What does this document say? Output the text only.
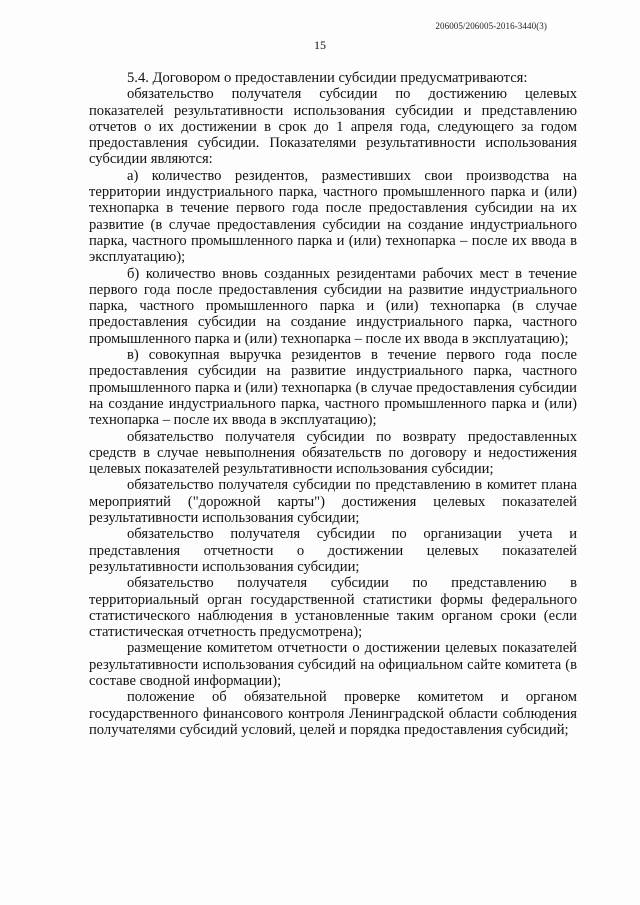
206005/206005-2016-3440(3)
15

5.4. Договором о предоставлении субсидии предусматриваются:

обязательство получателя субсидии по достижению целевых показателей результативности использования субсидии и представлению отчетов о их достижении в срок до 1 апреля года, следующего за годом предоставления субсидии. Показателями результативности использования субсидии являются:

а) количество резидентов, разместивших свои производства на территории индустриального парка, частного промышленного парка и (или) технопарка в течение первого года после предоставления субсидии на их развитие (в случае предоставления субсидии на создание индустриального парка, частного промышленного парка и (или) технопарка – после их ввода в эксплуатацию);

б) количество вновь созданных резидентами рабочих мест в течение первого года после предоставления субсидии на развитие индустриального парка, частного промышленного парка и (или) технопарка (в случае предоставления субсидии на создание индустриального парка, частного промышленного парка и (или) технопарка – после их ввода в эксплуатацию);

в) совокупная выручка резидентов в течение первого года после предоставления субсидии на развитие индустриального парка, частного промышленного парка и (или) технопарка (в случае предоставления субсидии на создание индустриального парка, частного промышленного парка и (или) технопарка – после их ввода в эксплуатацию);

обязательство получателя субсидии по возврату предоставленных средств в случае невыполнения обязательств по договору и недостижения целевых показателей результативности использования субсидии;

обязательство получателя субсидии по представлению в комитет плана мероприятий ("дорожной карты") достижения целевых показателей результативности использования субсидии;

обязательство получателя субсидии по организации учета и представления отчетности о достижении целевых показателей результативности использования субсидии;

обязательство получателя субсидии по представлению в территориальный орган государственной статистики формы федерального статистического наблюдения в установленные таким органом сроки (если статистическая отчетность предусмотрена);

размещение комитетом отчетности о достижении целевых показателей результативности использования субсидий на официальном сайте комитета (в составе сводной информации);

положение об обязательной проверке комитетом и органом государственного финансового контроля Ленинградской области соблюдения получателями субсидий условий, целей и порядка предоставления субсидий;
